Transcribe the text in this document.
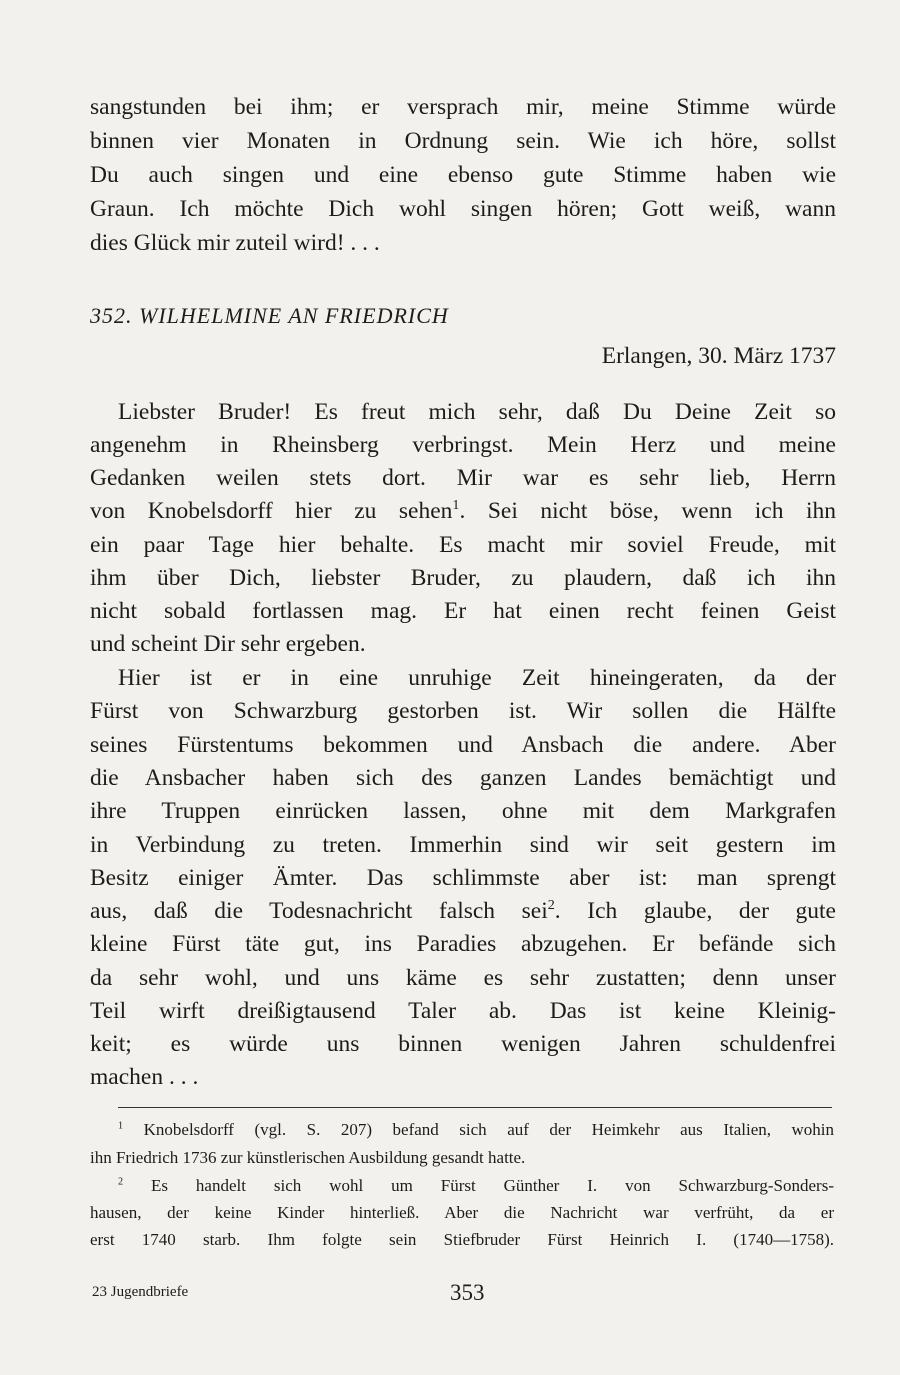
sangstunden bei ihm; er versprach mir, meine Stimme würde
binnen vier Monaten in Ordnung sein. Wie ich höre, sollst
Du auch singen und eine ebenso gute Stimme haben wie
Graun. Ich möchte Dich wohl singen hören; Gott weiß, wann
dies Glück mir zuteil wird! . . .
352. WILHELMINE AN FRIEDRICH
Erlangen, 30. März 1737
Liebster Bruder! Es freut mich sehr, daß Du Deine Zeit so
angenehm in Rheinsberg verbringst. Mein Herz und meine
Gedanken weilen stets dort. Mir war es sehr lieb, Herrn
von Knobelsdorff hier zu sehen$^1$. Sei nicht böse, wenn ich ihn
ein paar Tage hier behalte. Es macht mir soviel Freude, mit
ihm über Dich, liebster Bruder, zu plaudern, daß ich ihn
nicht sobald fortlassen mag. Er hat einen recht feinen Geist
und scheint Dir sehr ergeben.
Hier ist er in eine unruhige Zeit hineingeraten, da der
Fürst von Schwarzburg gestorben ist. Wir sollen die Hälfte
seines Fürstentums bekommen und Ansbach die andere. Aber
die Ansbacher haben sich des ganzen Landes bemächtigt und
ihre Truppen einrücken lassen, ohne mit dem Markgrafen
in Verbindung zu treten. Immerhin sind wir seit gestern im
Besitz einiger Ämter. Das schlimmste aber ist: man sprengt
aus, daß die Todesnachricht falsch sei$^2$. Ich glaube, der gute
kleine Fürst täte gut, ins Paradies abzugehen. Er befände sich
da sehr wohl, und uns käme es sehr zustatten; denn unser
Teil wirft dreißigtausend Taler ab. Das ist keine Kleinig-
keit; es würde uns binnen wenigen Jahren schuldenfrei
machen . . .
$^1$ Knobelsdorff (vgl. S. 207) befand sich auf der Heimkehr aus Italien, wohin
ihn Friedrich 1736 zur künstlerischen Ausbildung gesandt hatte.
$^2$ Es handelt sich wohl um Fürst Günther I. von Schwarzburg-Sonders-
hausen, der keine Kinder hinterließ. Aber die Nachricht war verfrüht, da er
erst 1740 starb. Ihm folgte sein Stiefbruder Fürst Heinrich I. (1740—1758).
23 Jugendbriefe	353
